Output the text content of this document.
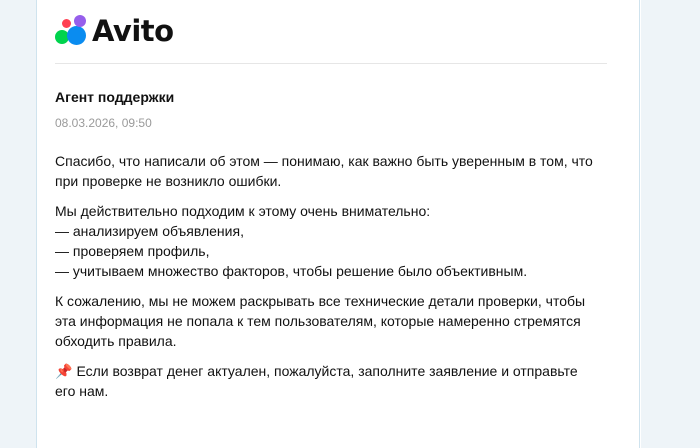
Avito
Агент поддержки
08.03.2026, 09:50

Спасибо, что написали об этом — понимаю, как важно быть уверенным в том, что при проверке не возникло ошибки.

Мы действительно подходим к этому очень внимательно:
— анализируем объявления,
— проверяем профиль,
— учитываем множество факторов, чтобы решение было объективным.

К сожалению, мы не можем раскрывать все технические детали проверки, чтобы эта информация не попала к тем пользователям, которые намеренно стремятся обходить правила.

📌 Если возврат денег актуален, пожалуйста, заполните заявление и отправьте его нам.
